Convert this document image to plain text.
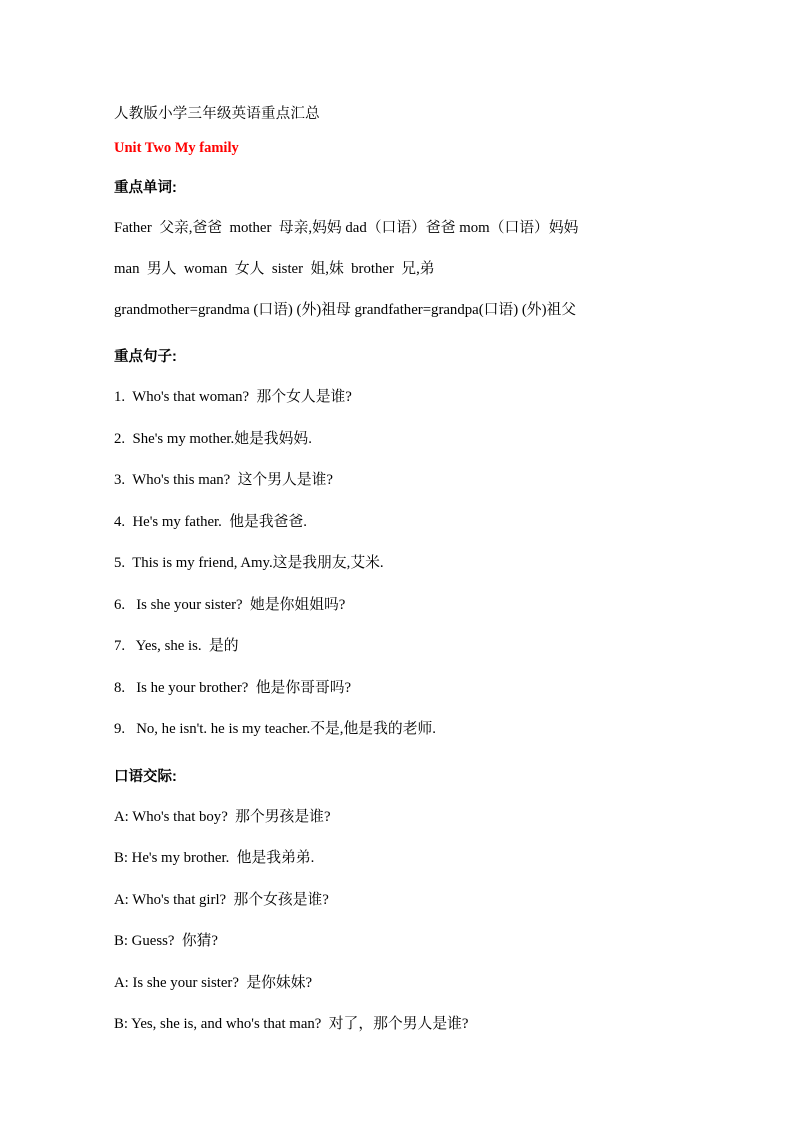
人教版小学三年级英语重点汇总
Unit Two My family
重点单词:
Father  父亲,爸爸  mother  母亲,妈妈 dad（口语）爸爸 mom（口语）妈妈
man  男人  woman  女人  sister  姐,妹  brother  兄,弟
grandmother=grandma (口语) (外)祖母 grandfather=grandpa(口语) (外)祖父
重点句子:
1.  Who's that woman?  那个女人是谁?
2.  She's my mother.她是我妈妈.
3.  Who's this man?  这个男人是谁?
4.  He's my father.  他是我爸爸.
5.  This is my friend, Amy.这是我朋友,艾米.
6.   Is she your sister?  她是你姐姐吗?
7.   Yes, she is.  是的
8.   Is he your brother?  他是你哥哥吗?
9.   No, he isn't. he is my teacher.不是,他是我的老师.
口语交际:
A: Who's that boy?  那个男孩是谁?
B: He's my brother.  他是我弟弟.
A: Who's that girl?  那个女孩是谁?
B: Guess?  你猜?
A: Is she your sister?  是你妹妹?
B: Yes, she is, and who's that man?  对了，那个男人是谁?
